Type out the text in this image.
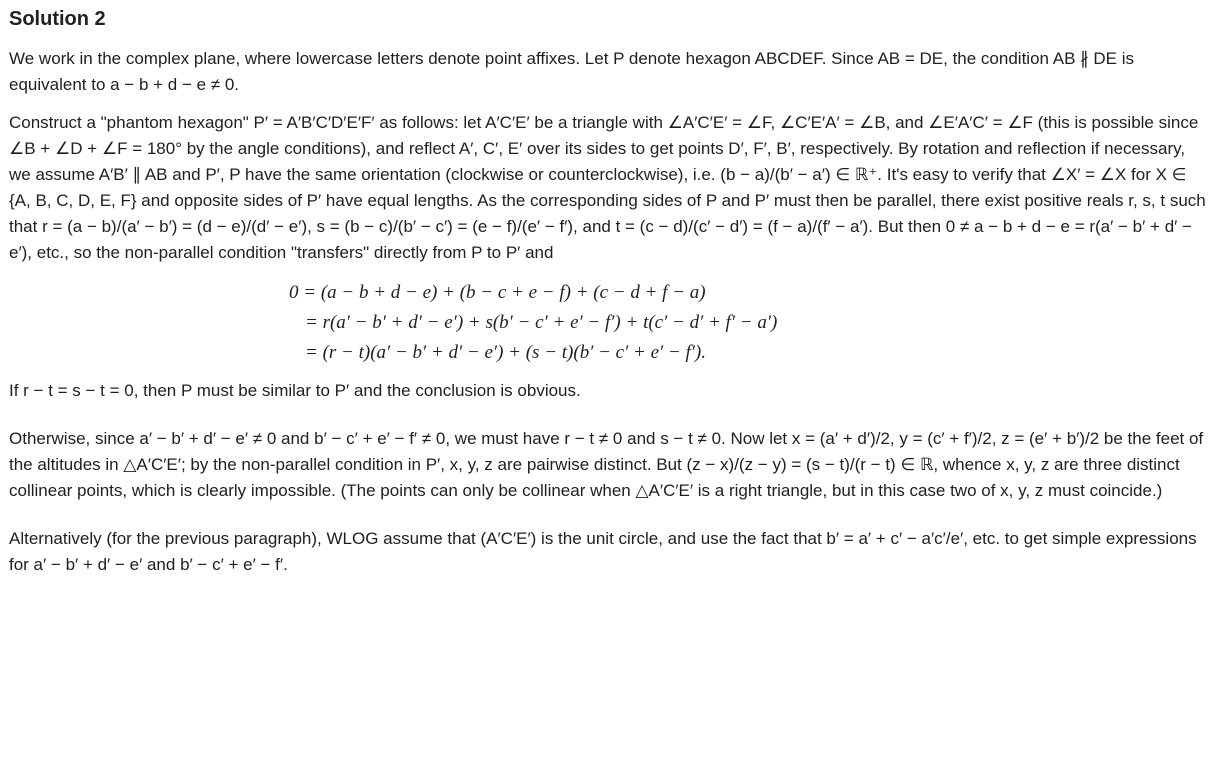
Solution 2

We work in the complex plane, where lowercase letters denote point affixes. Let P denote hexagon ABCDEF. Since AB = DE, the condition AB ∦ DE is equivalent to a − b + d − e ≠ 0.

Construct a "phantom hexagon" P′ = A′B′C′D′E′F′ as follows: let A′C′E′ be a triangle with ∠A′C′E′ = ∠F, ∠C′E′A′ = ∠B, and ∠E′A′C′ = ∠F (this is possible since ∠B + ∠D + ∠F = 180° by the angle conditions), and reflect A′, C′, E′ over its sides to get points D′, F′, B′, respectively. By rotation and reflection if necessary, we assume A′B′ ∥ AB and P′, P have the same orientation (clockwise or counterclockwise), i.e. (b − a)/(b′ − a′) ∈ ℝ⁺. It's easy to verify that ∠X′ = ∠X for X ∈ {A, B, C, D, E, F} and opposite sides of P′ have equal lengths. As the corresponding sides of P and P′ must then be parallel, there exist positive reals r, s, t such that r = (a − b)/(a′ − b′) = (d − e)/(d′ − e′), s = (b − c)/(b′ − c′) = (e − f)/(e′ − f′), and t = (c − d)/(c′ − d′) = (f − a)/(f′ − a′). But then 0 ≠ a − b + d − e = r(a′ − b′ + d′ − e′), etc., so the non-parallel condition "transfers" directly from P to P′ and

0 = (a − b + d − e) + (b − c + e − f) + (c − d + f − a)
= r(a′ − b′ + d′ − e′) + s(b′ − c′ + e′ − f′) + t(c′ − d′ + f′ − a′)
= (r − t)(a′ − b′ + d′ − e′) + (s − t)(b′ − c′ + e′ − f′).

If r − t = s − t = 0, then P must be similar to P′ and the conclusion is obvious.

Otherwise, since a′ − b′ + d′ − e′ ≠ 0 and b′ − c′ + e′ − f′ ≠ 0, we must have r − t ≠ 0 and s − t ≠ 0. Now let x = (a′ + d′)/2, y = (c′ + f′)/2, z = (e′ + b′)/2 be the feet of the altitudes in △A′C′E′; by the non-parallel condition in P′, x, y, z are pairwise distinct. But (z − x)/(z − y) = (s − t)/(r − t) ∈ ℝ, whence x, y, z are three distinct collinear points, which is clearly impossible. (The points can only be collinear when △A′C′E′ is a right triangle, but in this case two of x, y, z must coincide.)

Alternatively (for the previous paragraph), WLOG assume that (A′C′E′) is the unit circle, and use the fact that b′ = a′ + c′ − a′c′/e′, etc. to get simple expressions for a′ − b′ + d′ − e′ and b′ − c′ + e′ − f′.
